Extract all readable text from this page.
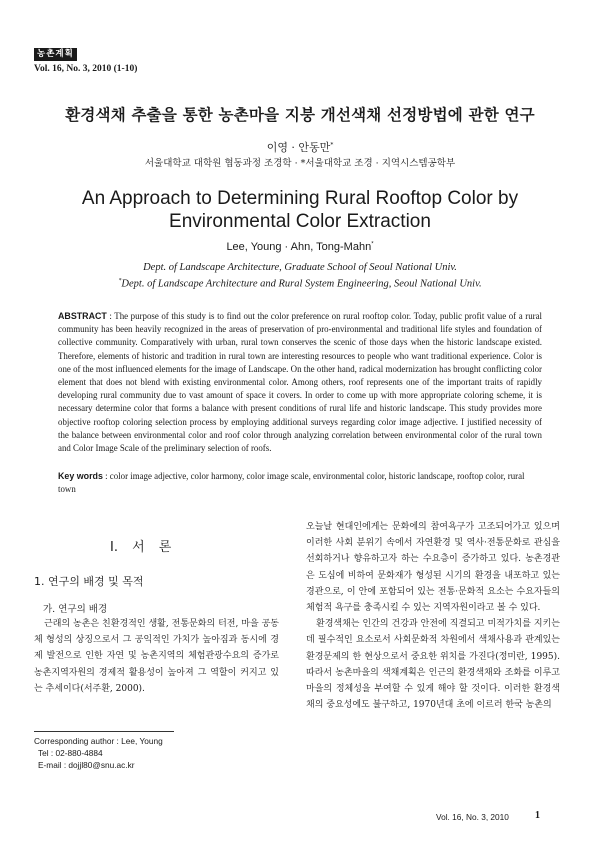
농촌계획
Vol. 16, No. 3, 2010 (1-10)
환경색채 추출을 통한 농촌마을 지붕 개선색채 선정방법에 관한 연구
이영 · 안동만*
서울대학교 대학원 협동과정 조경학 · *서울대학교 조경 · 지역시스템공학부
An Approach to Determining Rural Rooftop Color by
Environmental Color Extraction
Lee, Young · Ahn, Tong-Mahn*
Dept. of Landscape Architecture, Graduate School of Seoul National Univ.
*Dept. of Landscape Architecture and Rural System Engineering, Seoul National Univ.
ABSTRACT : The purpose of this study is to find out the color preference on rural rooftop color. Today, public profit value of a rural community has been heavily recognized in the areas of preservation of pro-environmental and traditional life styles and foundation of collective community. Comparatively with urban, rural town conserves the scenic of those days when the historic landscape existed. Therefore, elements of historic and tradition in rural town are interesting resources to people who want traditional experience. Color is one of the most influenced elements for the image of Landscape. On the other hand, radical modernization has brought conflicting color element that does not blend with existing environmental color. Among others, roof represents one of the important traits of rapidly developing rural community due to vast amount of space it covers. In order to come up with more appropriate coloring scheme, it is necessary determine color that forms a balance with present conditions of rural life and historic landscape. This study provides more objective rooftop coloring selection process by employing additional surveys regarding color image adjective. I justified necessity of the balance between environmental color and roof color through analyzing correlation between environmental color of the rural town and Color Image Scale of the preliminary selection of roofs.
Key words : color image adjective, color harmony, color image scale, environmental color, historic landscape, rooftop color, rural town
I. 서 론
1. 연구의 배경 및 목적
가. 연구의 배경
근래의 농촌은 친환경적인 생활, 전통문화의 터전, 마을 공동체 형성의 상징으로서 그 공익적인 가치가 높아짐과 동시에 경제 발전으로 인한 자연 및 농촌지역의 체험관광수요의 증가로 농촌지역자원의 경제적 활용성이 높아져 그 역할이 커지고 있는 추세이다(서주환, 2000).
Corresponding author : Lee, Young
Tel : 02-880-4884
E-mail : dojjl80@snu.ac.kr

오늘날 현대인에게는 문화에의 참여욕구가 고조되어가고 있으며 이러한 사회 분위기 속에서 자연환경 및 역사·전통문화로 관심을 선회하거나 향유하고자 하는 수요층이 증가하고 있다. 농촌경관은 도심에 비하여 문화재가 형성된 시기의 환경을 내포하고 있는 경관으로, 이 안에 포함되어 있는 전통·문화적 요소는 수요자들의 체험적 욕구를 충족시킬 수 있는 지역자원이라고 볼 수 있다.

환경색채는 인간의 건강과 안전에 직결되고 미적가치를 지키는데 필수적인 요소로서 사회문화적 차원에서 색채사용과 관계있는 환경문제의 한 현상으로서 중요한 위치를 가진다(정미란, 1995). 따라서 농촌마을의 색채계획은 인근의 환경색채와 조화를 이루고 마을의 정체성을 부여할 수 있게 해야 할 것이다. 이러한 환경색채의 중요성에도 불구하고, 1970년대 초에 이르러 한국 농촌의

Vol. 16, No. 3, 2010	1
